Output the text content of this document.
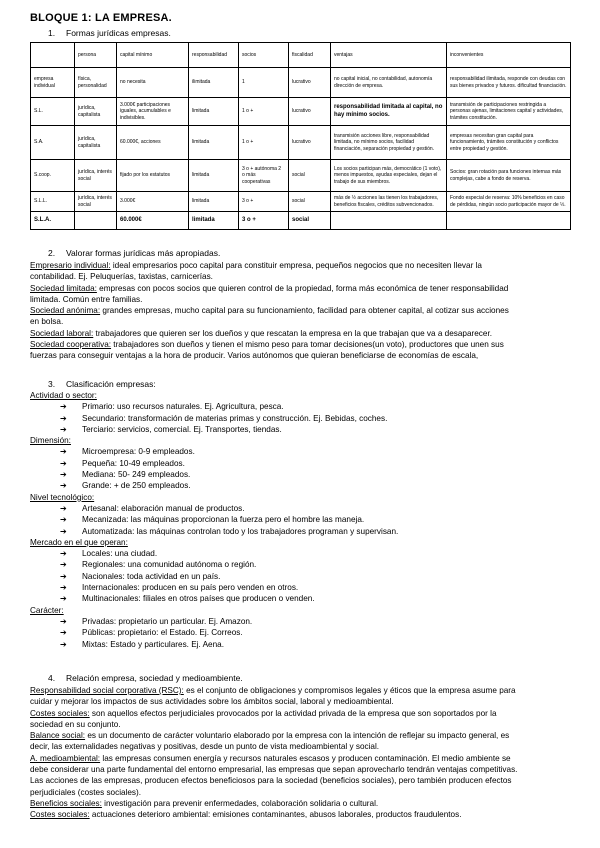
BLOQUE 1: LA EMPRESA.
1. Formas jurídicas empresas.
	persona	capital mínimo	responsabilidad	socios	fiscalidad	ventajas	inconvenientes
empresa individual	física, personalidad	no necesita	ilimitada	1	lucrativo	no capital inicial, no contabilidad, autonomía dirección de empresa.	responsabilidad ilimitada, responde con deudas con sus bienes privados y futuros. dificultad financiación.
S.L.	jurídica, capitalista	3.000€ participaciones iguales, acumulables e indivisibles.	limitada	1 o +	lucrativo	responsabilidad limitada al capital, no hay mínimo socios.	transmisión de participaciones restringida a personas ajenas, limitaciones capital y actividades, trámites constitución.
S.A.	jurídica, capitalista	60.000€, acciones	limitada	1 o +	lucrativo	transmisión acciones libre, responsabilidad limitada, no mínimo socios, facilidad financiación, separación propiedad y gestión.	empresas necesitan gran capital para funcionamiento, trámites constitución y conflictos entre propiedad y gestión.
S.coop.	jurídica, interés social	fijado por los estatutos	limitada	3 o + autónoma 2 o más cooperativas	social	Los socios participan más, democrático (1 voto), menos impuestos, ayudas especiales, dejan el trabajo de sus miembros.	Socios: gran rotación para funciones internas más complejas, cabe a fondo de reserva.
S.L.L.	jurídica, interés social	3.000€	limitada	3 o +	social	más de ½ acciones las tienen los trabajadores, beneficios fiscales, créditos subvencionados.	Fondo especial de reserva: 10% beneficios en caso de pérdidas, ningún socio participación mayor de ½.
S.L.A.		60.000€	limitada	3 o +	social		
2. Valorar formas jurídicas más apropiadas.

Empresario individual: ideal empresarios poco capital para constituir empresa, pequeños negocios que no necesiten llevar la

contabilidad. Ej. Peluquerías, taxistas, carnicerías.

Sociedad limitada: empresas con pocos socios que quieren control de la propiedad, forma más económica de tener responsabilidad

limitada. Común entre familias.

Sociedad anónima: grandes empresas, mucho capital para su funcionamiento, facilidad para obtener capital, al cotizar sus acciones

en bolsa.

Sociedad laboral: trabajadores que quieren ser los dueños y que rescatan la empresa en la que trabajan que va a desaparecer.

Sociedad cooperativa: trabajadores son dueños y tienen el mismo peso para tomar decisiones(un voto), productores que unen sus

fuerzas para conseguir ventajas a la hora de producir. Varios autónomos que quieran beneficiarse de economías de escala,

3. Clasificación empresas:

Actividad o sector:

➔ Primario: uso recursos naturales. Ej. Agricultura, pesca.

➔ Secundario: transformación de materias primas y construcción. Ej. Bebidas, coches.

➔ Terciario: servicios, comercial. Ej. Transportes, tiendas.

Dimensión:

➔ Microempresa: 0-9 empleados.

➔ Pequeña: 10-49 empleados.

➔ Mediana: 50- 249 empleados.

➔ Grande: + de 250 empleados.

Nivel tecnológico:

➔ Artesanal: elaboración manual de productos.

➔ Mecanizada: las máquinas proporcionan la fuerza pero el hombre las maneja.

➔ Automatizada: las máquinas controlan todo y los trabajadores programan y supervisan.

Mercado en el que operan:

➔ Locales: una ciudad.

➔ Regionales: una comunidad autónoma o región.

➔ Nacionales: toda actividad en un país.

➔ Internacionales: producen en su país pero venden en otros.

➔ Multinacionales: filiales en otros países que producen o venden.

Carácter:

➔ Privadas: propietario un particular. Ej. Amazon.

➔ Públicas: propietario: el Estado. Ej. Correos.

➔ Mixtas: Estado y particulares. Ej. Aena.

4. Relación empresa, sociedad y medioambiente.

Responsabilidad social corporativa (RSC): es el conjunto de obligaciones y compromisos legales y éticos que la empresa asume para

cuidar y mejorar los impactos de sus actividades sobre los ámbitos social, laboral y medioambiental.

Costes sociales: son aquellos efectos perjudiciales provocados por la actividad privada de la empresa que son soportados por la

sociedad en su conjunto.

Balance social: es un documento de carácter voluntario elaborado por la empresa con la intención de reflejar su impacto general, es

decir, las externalidades negativas y positivas, desde un punto de vista medioambiental y social.

A. medioambiental: las empresas consumen energía y recursos naturales escasos y producen contaminación. El medio ambiente se

debe considerar una parte fundamental del entorno empresarial, las empresas que sepan aprovecharlo tendrán ventajas competitivas.

Las acciones de las empresas, producen efectos beneficiosos para la sociedad (beneficios sociales), pero también producen efectos

perjudiciales (costes sociales).

Beneficios sociales: investigación para prevenir enfermedades, colaboración solidaria o cultural.

Costes sociales: actuaciones deterioro ambiental: emisiones contaminantes, abusos laborales, productos fraudulentos.
